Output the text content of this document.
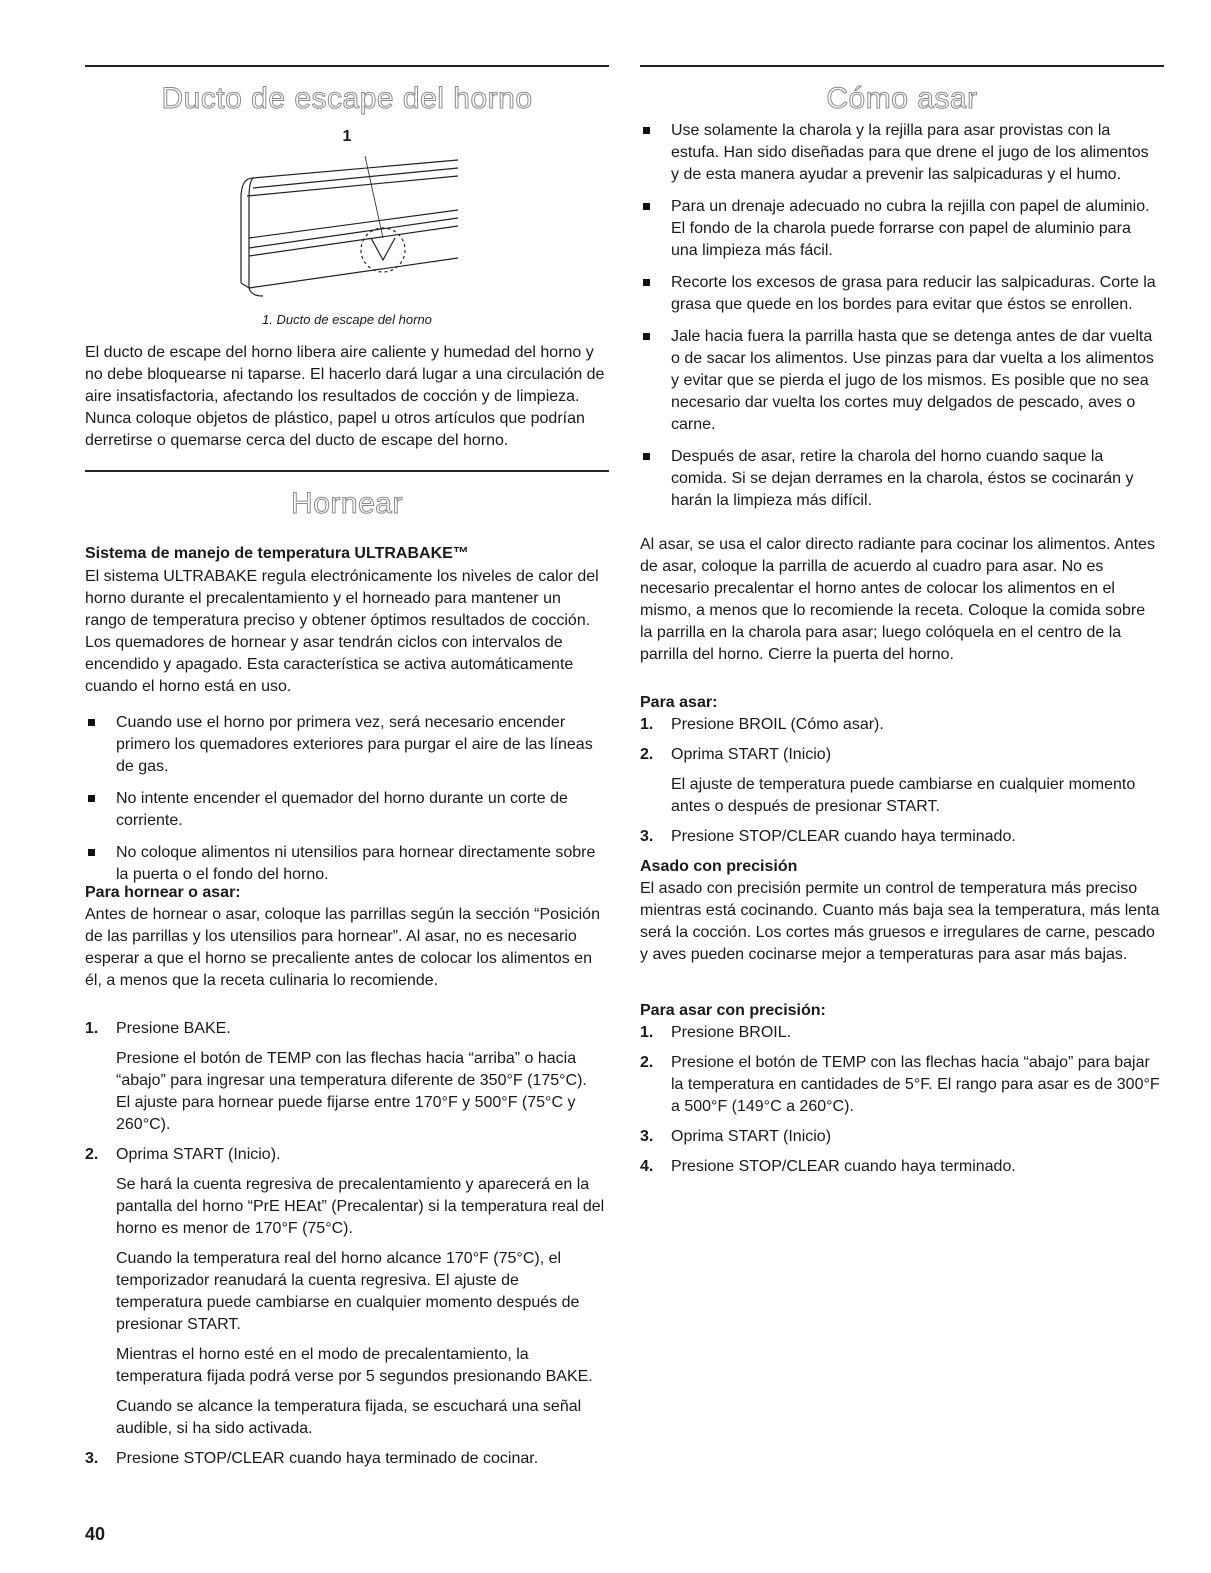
Ducto de escape del horno
1
1. Ducto de escape del horno

El ducto de escape del horno libera aire caliente y humedad del horno y no debe bloquearse ni taparse. El hacerlo dará lugar a una circulación de aire insatisfactoria, afectando los resultados de cocción y de limpieza. Nunca coloque objetos de plástico, papel u otros artículos que podrían derretirse o quemarse cerca del ducto de escape del horno.

Hornear

Sistema de manejo de temperatura ULTRABAKE™

El sistema ULTRABAKE regula electrónicamente los niveles de calor del horno durante el precalentamiento y el horneado para mantener un rango de temperatura preciso y obtener óptimos resultados de cocción. Los quemadores de hornear y asar tendrán ciclos con intervalos de encendido y apagado. Esta característica se activa automáticamente cuando el horno está en uso.

Cuando use el horno por primera vez, será necesario encender primero los quemadores exteriores para purgar el aire de las líneas de gas.
No intente encender el quemador del horno durante un corte de corriente.
No coloque alimentos ni utensilios para hornear directamente sobre la puerta o el fondo del horno.

Para hornear o asar:

Antes de hornear o asar, coloque las parrillas según la sección “Posición de las parrillas y los utensilios para hornear”. Al asar, no es necesario esperar a que el horno se precaliente antes de colocar los alimentos en él, a menos que la receta culinaria lo recomiende.

1. Presione BAKE.

Presione el botón de TEMP con las flechas hacia “arriba” o hacia “abajo” para ingresar una temperatura diferente de 350°F (175°C). El ajuste para hornear puede fijarse entre 170°F y 500°F (75°C y 260°C).

2. Oprima START (Inicio).

Se hará la cuenta regresiva de precalentamiento y aparecerá en la pantalla del horno “PrE HEAt” (Precalentar) si la temperatura real del horno es menor de 170°F (75°C).

Cuando la temperatura real del horno alcance 170°F (75°C), el temporizador reanudará la cuenta regresiva. El ajuste de temperatura puede cambiarse en cualquier momento después de presionar START.

Mientras el horno esté en el modo de precalentamiento, la temperatura fijada podrá verse por 5 segundos presionando BAKE.

Cuando se alcance la temperatura fijada, se escuchará una señal audible, si ha sido activada.

3. Presione STOP/CLEAR cuando haya terminado de cocinar.

Cómo asar
Use solamente la charola y la rejilla para asar provistas con la estufa. Han sido diseñadas para que drene el jugo de los alimentos y de esta manera ayudar a prevenir las salpicaduras y el humo.
Para un drenaje adecuado no cubra la rejilla con papel de aluminio. El fondo de la charola puede forrarse con papel de aluminio para una limpieza más fácil.
Recorte los excesos de grasa para reducir las salpicaduras. Corte la grasa que quede en los bordes para evitar que éstos se enrollen.
Jale hacia fuera la parrilla hasta que se detenga antes de dar vuelta o de sacar los alimentos. Use pinzas para dar vuelta a los alimentos y evitar que se pierda el jugo de los mismos. Es posible que no sea necesario dar vuelta los cortes muy delgados de pescado, aves o carne.
Después de asar, retire la charola del horno cuando saque la comida. Si se dejan derrames en la charola, éstos se cocinarán y harán la limpieza más difícil.

Al asar, se usa el calor directo radiante para cocinar los alimentos. Antes de asar, coloque la parrilla de acuerdo al cuadro para asar. No es necesario precalentar el horno antes de colocar los alimentos en el mismo, a menos que lo recomiende la receta. Coloque la comida sobre la parrilla en la charola para asar; luego colóquela en el centro de la parrilla del horno. Cierre la puerta del horno.

Para asar:

1. Presione BROIL (Cómo asar).

2. Oprima START (Inicio)

El ajuste de temperatura puede cambiarse en cualquier momento antes o después de presionar START.

3. Presione STOP/CLEAR cuando haya terminado.

Asado con precisión

El asado con precisión permite un control de temperatura más preciso mientras está cocinando. Cuanto más baja sea la temperatura, más lenta será la cocción. Los cortes más gruesos e irregulares de carne, pescado y aves pueden cocinarse mejor a temperaturas para asar más bajas.

Para asar con precisión:

1. Presione BROIL.

2. Presione el botón de TEMP con las flechas hacia “abajo” para bajar la temperatura en cantidades de 5°F. El rango para asar es de 300°F a 500°F (149°C a 260°C).

3. Oprima START (Inicio)

4. Presione STOP/CLEAR cuando haya terminado.

40
